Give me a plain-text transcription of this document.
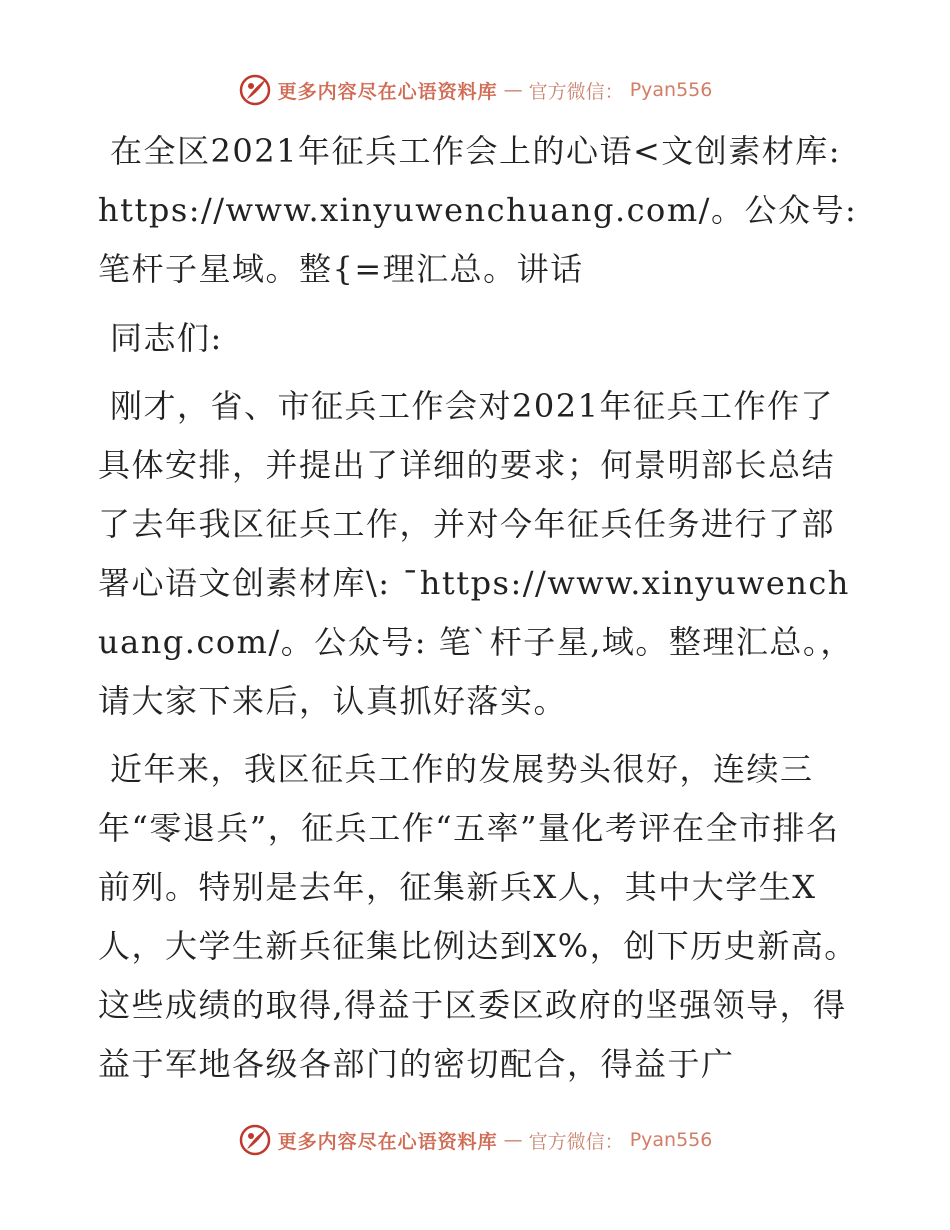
更多内容尽在心语资料库 — 官方微信： Pyan556

在全区2021年征兵工作会上的心语<文创素材库: https://www.xinyuwenchuang.com/。公众号: 笔杆子星域。整{=理汇总。讲话

同志们:

刚才，省、市征兵工作会对2021年征兵工作作了具体安排，并提出了详细的要求；何景明部长总结了去年我区征兵工作，并对今年征兵任务进行了部署心语文创素材库\: ¯https://www.xinyuwenchuang.com/。公众号: 笔`杆子星,域。整理汇总。，请大家下来后，认真抓好落实。

近年来，我区征兵工作的发展势头很好，连续三年“零退兵”，征兵工作“五率”量化考评在全市排名前列。特别是去年，征集新兵X人，其中大学生X人，大学生新兵征集比例达到X%，创下历史新高。这些成绩的取得,得益于区委区政府的坚强领导，得益于军地各级各部门的密切配合，得益于广

更多内容尽在心语资料库 — 官方微信： Pyan556
